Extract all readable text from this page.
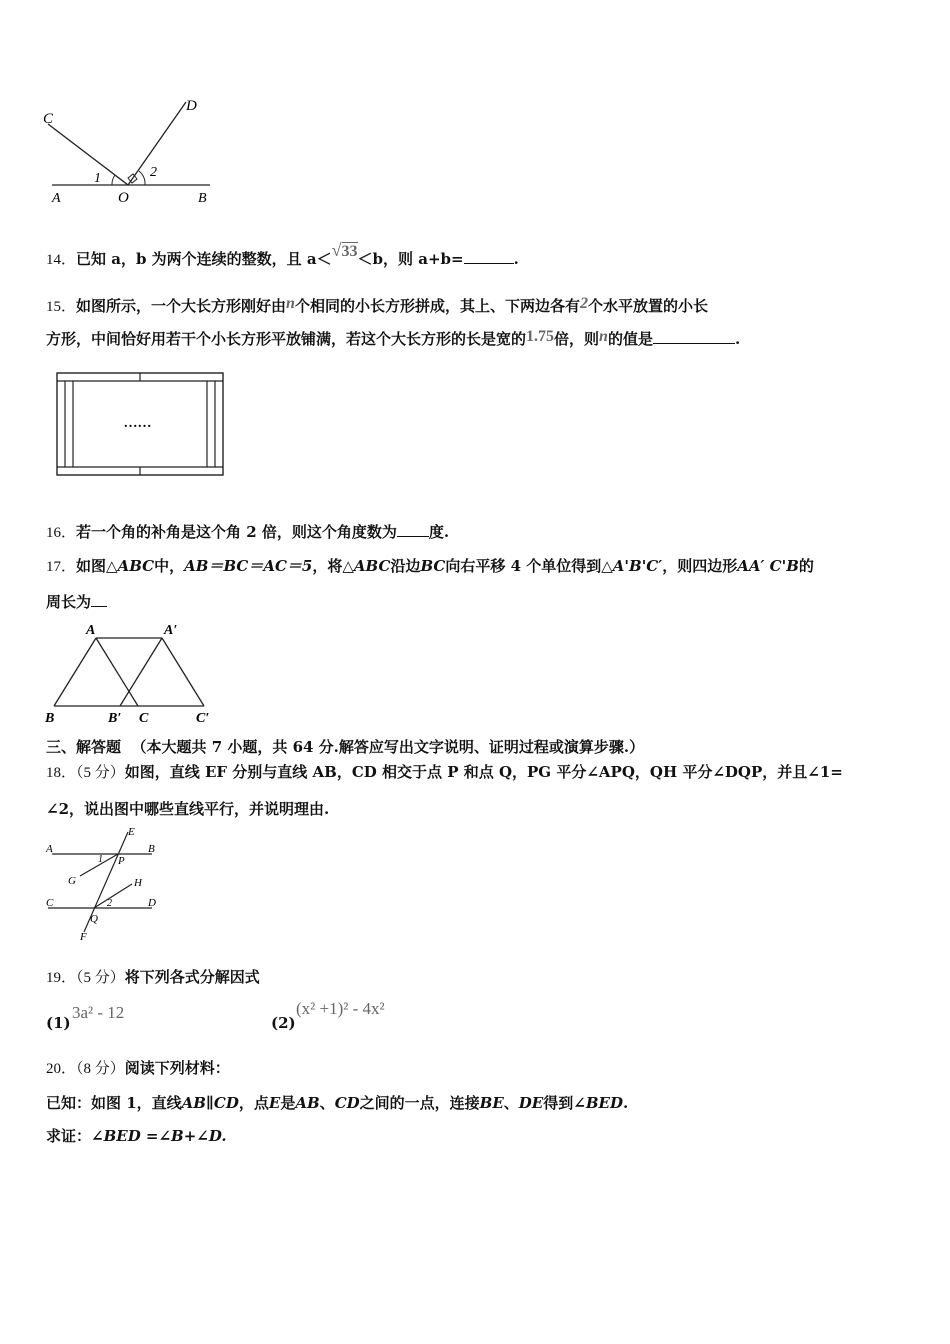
C
D
A	O	B
1	2
14．已知 a，b 为两个连续的整数，且 a＜√33＜b，则 a+b=	.
15．如图所示，一个大长方形刚好由n个相同的小长方形拼成，其上、下两边各有2个水平放置的小长
方形，中间恰好用若干个小长方形平放铺满，若这个大长方形的长是宽的1.75倍，则n的值是	.
……
16．若一个角的补角是这个角 2 倍，则这个角度数为 度.
17．如图△ABC中，AB＝BC＝AC＝5，将△ABC沿边BC向右平移 4 个单位得到△A'B'C′，则四边形AA′ C'B的
周长为
A	A′
B	B′ C	C′
三、解答题 （本大题共 7 小题，共 64 分.解答应写出文字说明、证明过程或演算步骤.）
18．（5 分）如图，直线 EF 分别与直线 AB，CD 相交于点 P 和点 Q，PG 平分∠APQ，QH 平分∠DQP，并且∠1=
∠2，说出图中哪些直线平行，并说明理由.
E
A	B
P
1
G	H
C	D
Q
2
F
19．（5 分）将下列各式分解因式
(1)
3a² - 12
(2)
(x² +1)² - 4x²
20．（8 分）阅读下列材料：
已知：如图 1，直线AB∥CD，点E是AB、CD之间的一点，连接BE、DE得到∠BED.
求证：∠BED =∠B+∠D.
